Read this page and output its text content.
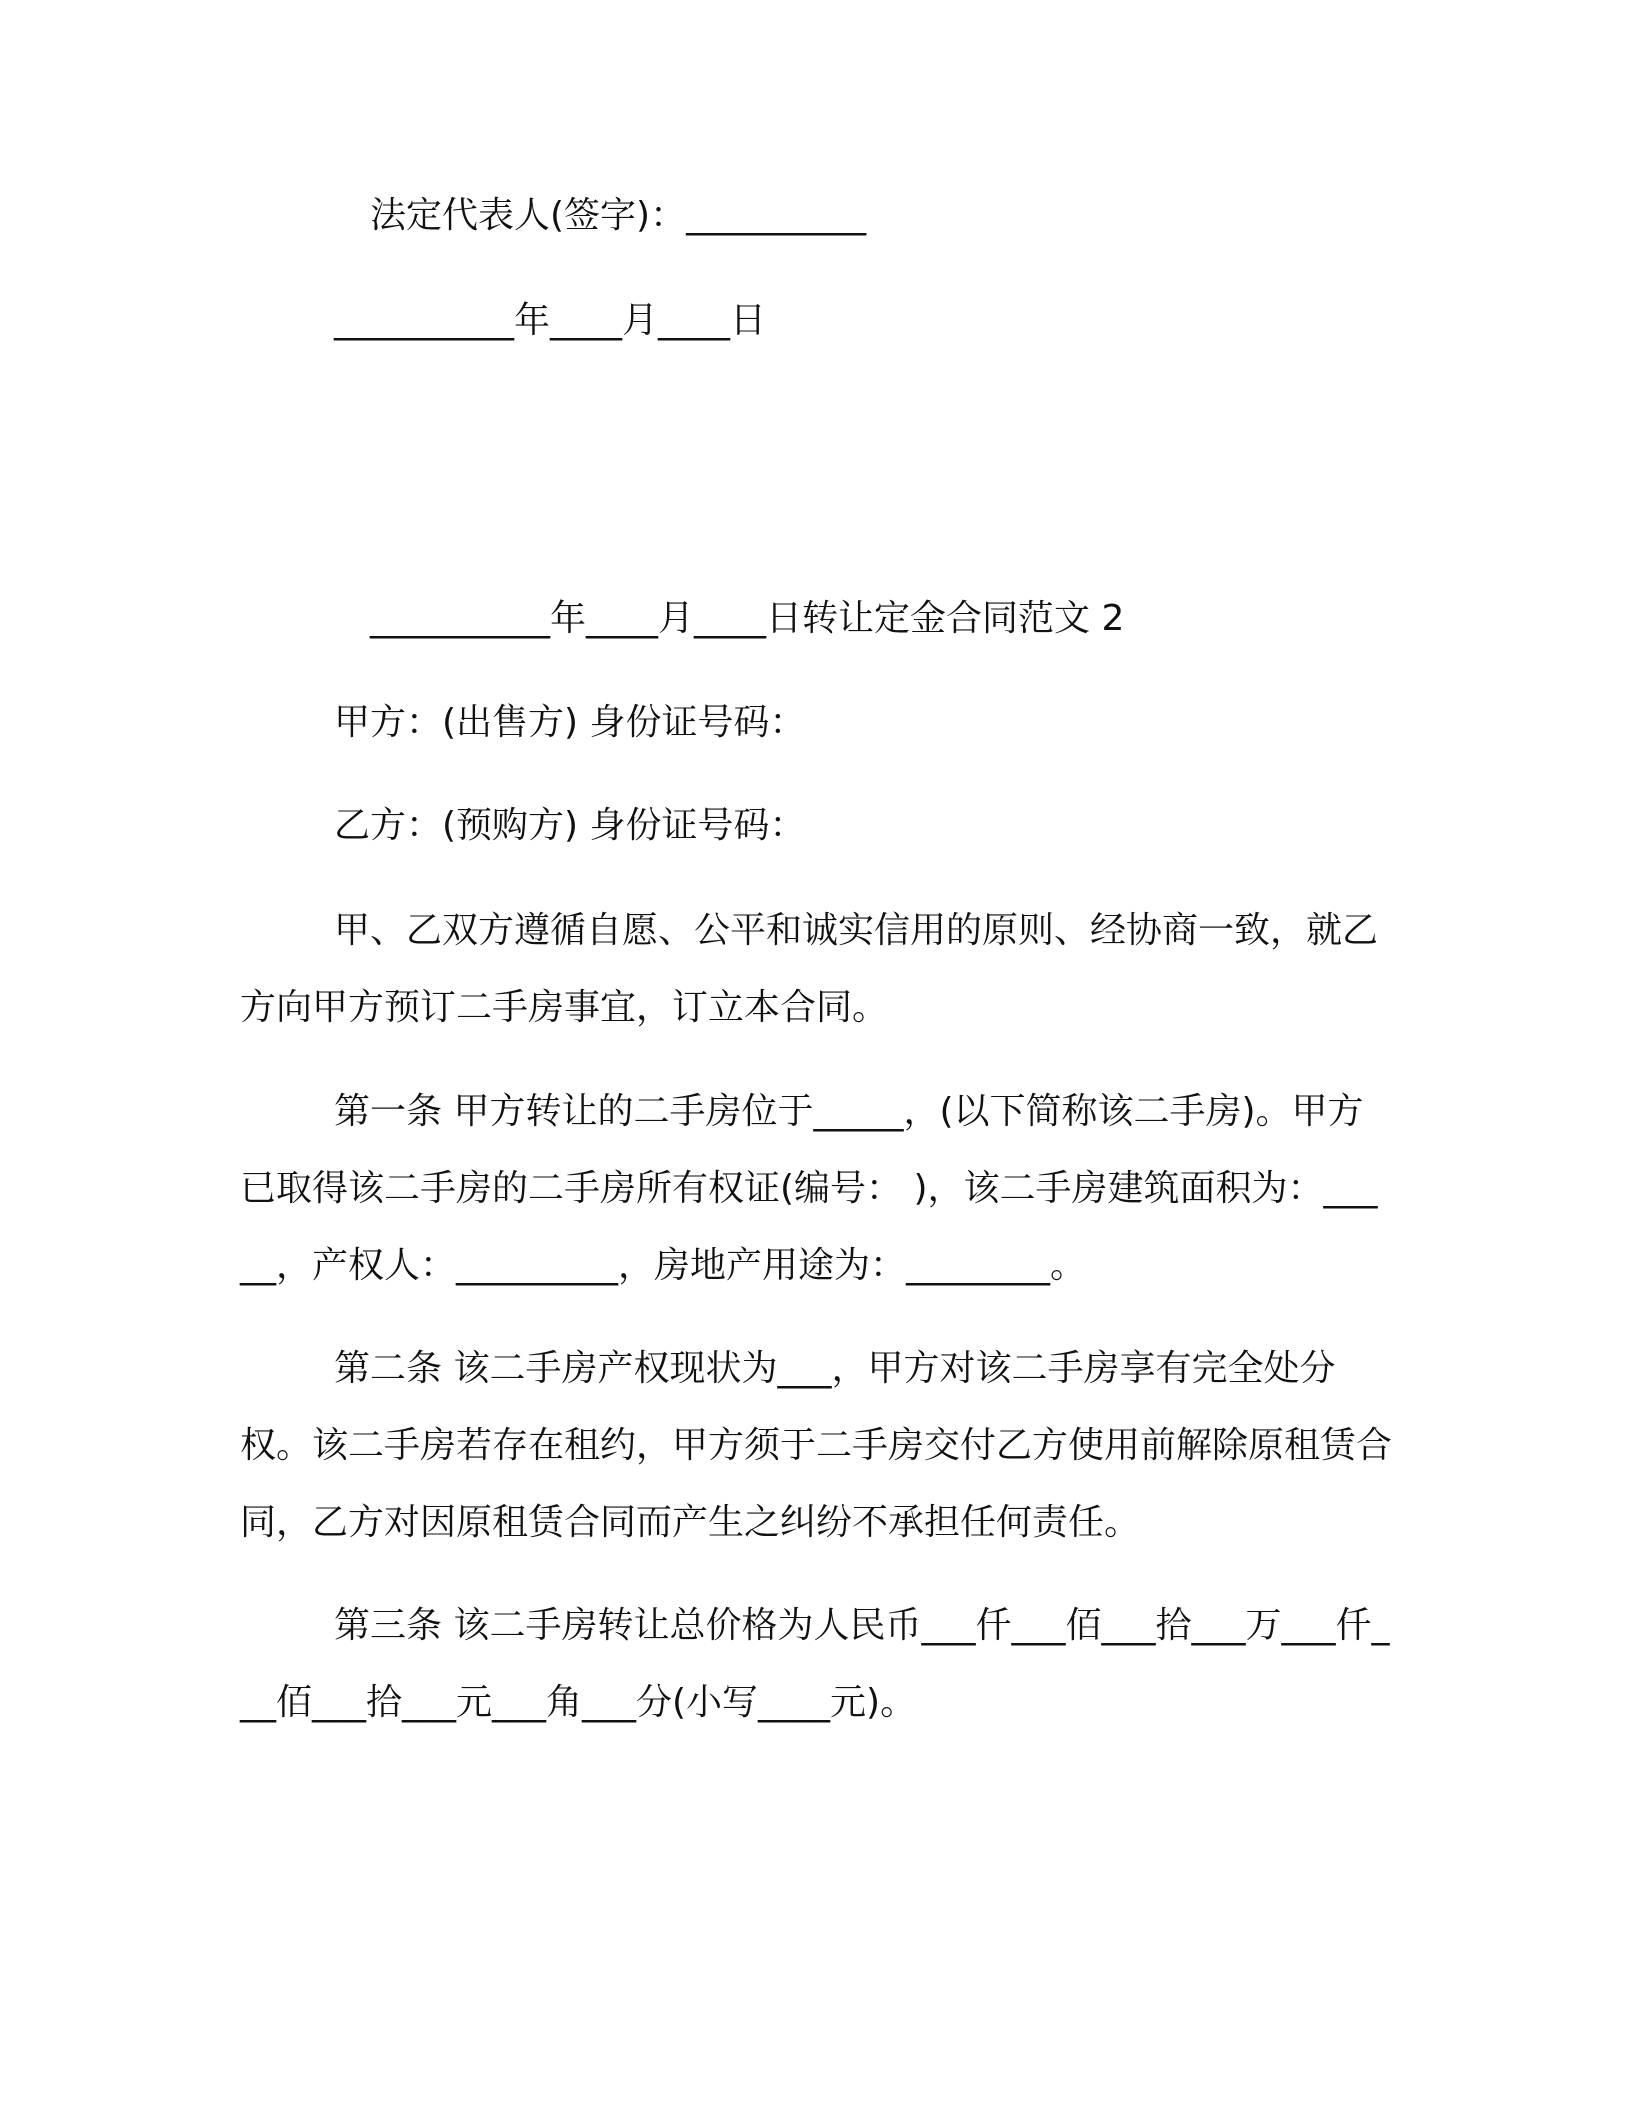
法定代表人(签字)：__________
__________年____月____日
__________年____月____日转让定金合同范文 2
甲方：(出售方) 身份证号码：
乙方：(预购方) 身份证号码：
甲、乙双方遵循自愿、公平和诚实信用的原则、经协商一致，就乙方向甲方预订二手房事宜，订立本合同。
第一条 甲方转让的二手房位于_____，(以下简称该二手房)。甲方已取得该二手房的二手房所有权证(编号： )，该二手房建筑面积为：_____，产权人：_________，房地产用途为：________。
第二条 该二手房产权现状为___，甲方对该二手房享有完全处分权。该二手房若存在租约，甲方须于二手房交付乙方使用前解除原租赁合同，乙方对因原租赁合同而产生之纠纷不承担任何责任。
第三条 该二手房转让总价格为人民币___仟___佰___拾___万___仟___佰___拾___元___角___分(小写____元)。
